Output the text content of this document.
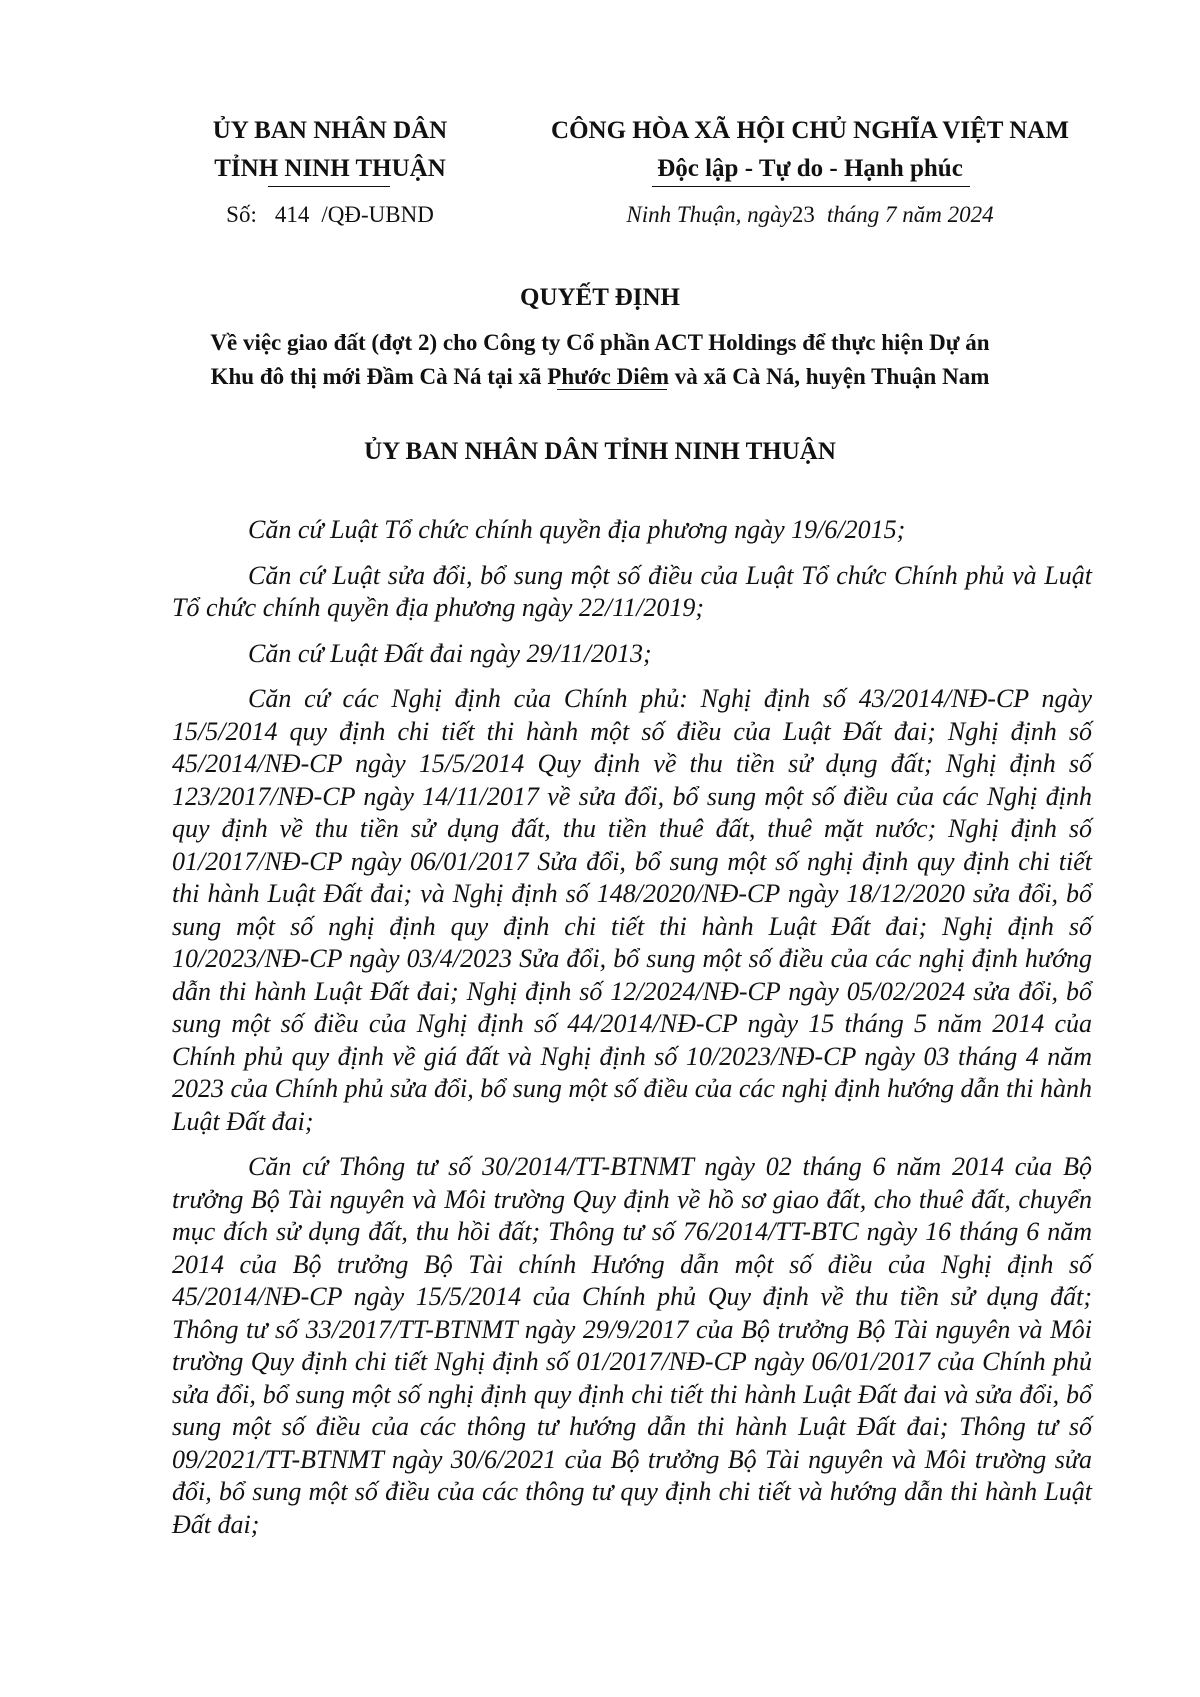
ỦY BAN NHÂN DÂN
TỈNH NINH THUẬN
CÔNG HÒA XÃ HỘI CHỦ NGHĨA VIỆT NAM
Độc lập - Tự do - Hạnh phúc
Số: 414 /QĐ-UBND	Ninh Thuận, ngày23 tháng 7 năm 2024
QUYẾT ĐỊNH
Về việc giao đất (đợt 2) cho Công ty Cổ phần ACT Holdings để thực hiện Dự án
Khu đô thị mới Đầm Cà Ná tại xã Phước Diêm và xã Cà Ná, huyện Thuận Nam
ỦY BAN NHÂN DÂN TỈNH NINH THUẬN

Căn cứ Luật Tổ chức chính quyền địa phương ngày 19/6/2015;

Căn cứ Luật sửa đổi, bổ sung một số điều của Luật Tổ chức Chính phủ và Luật Tổ chức chính quyền địa phương ngày 22/11/2019;

Căn cứ Luật Đất đai ngày 29/11/2013;

Căn cứ các Nghị định của Chính phủ: Nghị định số 43/2014/NĐ-CP ngày 15/5/2014 quy định chi tiết thi hành một số điều của Luật Đất đai; Nghị định số 45/2014/NĐ-CP ngày 15/5/2014 Quy định về thu tiền sử dụng đất; Nghị định số 123/2017/NĐ-CP ngày 14/11/2017 về sửa đổi, bổ sung một số điều của các Nghị định quy định về thu tiền sử dụng đất, thu tiền thuê đất, thuê mặt nước; Nghị định số 01/2017/NĐ-CP ngày 06/01/2017 Sửa đổi, bổ sung một số nghị định quy định chi tiết thi hành Luật Đất đai; và Nghị định số 148/2020/NĐ-CP ngày 18/12/2020 sửa đổi, bổ sung một số nghị định quy định chi tiết thi hành Luật Đất đai; Nghị định số 10/2023/NĐ-CP ngày 03/4/2023 Sửa đổi, bổ sung một số điều của các nghị định hướng dẫn thi hành Luật Đất đai; Nghị định số 12/2024/NĐ-CP ngày 05/02/2024 sửa đổi, bổ sung một số điều của Nghị định số 44/2014/NĐ-CP ngày 15 tháng 5 năm 2014 của Chính phủ quy định về giá đất và Nghị định số 10/2023/NĐ-CP ngày 03 tháng 4 năm 2023 của Chính phủ sửa đổi, bổ sung một số điều của các nghị định hướng dẫn thi hành Luật Đất đai;

Căn cứ Thông tư số 30/2014/TT-BTNMT ngày 02 tháng 6 năm 2014 của Bộ trưởng Bộ Tài nguyên và Môi trường Quy định về hồ sơ giao đất, cho thuê đất, chuyển mục đích sử dụng đất, thu hồi đất; Thông tư số 76/2014/TT-BTC ngày 16 tháng 6 năm 2014 của Bộ trưởng Bộ Tài chính Hướng dẫn một số điều của Nghị định số 45/2014/NĐ-CP ngày 15/5/2014 của Chính phủ Quy định về thu tiền sử dụng đất; Thông tư số 33/2017/TT-BTNMT ngày 29/9/2017 của Bộ trưởng Bộ Tài nguyên và Môi trường Quy định chi tiết Nghị định số 01/2017/NĐ-CP ngày 06/01/2017 của Chính phủ sửa đổi, bổ sung một số nghị định quy định chi tiết thi hành Luật Đất đai và sửa đổi, bổ sung một số điều của các thông tư hướng dẫn thi hành Luật Đất đai; Thông tư số 09/2021/TT-BTNMT ngày 30/6/2021 của Bộ trưởng Bộ Tài nguyên và Môi trường sửa đổi, bổ sung một số điều của các thông tư quy định chi tiết và hướng dẫn thi hành Luật Đất đai;
